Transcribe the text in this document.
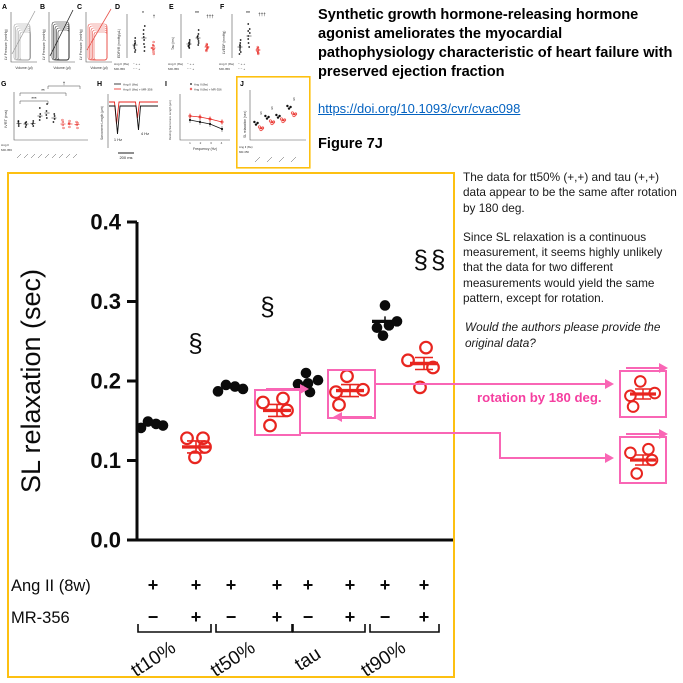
A
LV Pressure (mmHg)
Volume (µl)
B
LV Pressure (mmHg)
Volume (µl)
C
LV Pressure (mmHg)
Volume (µl)
D
EDPVR (mmHg/µL)
* †
Ang II (8w) − + +
MR-356	− − +
E
Tau (ms)
** †††
Ang II (8w) − + +
MR-356	− − +
F
LVEDP (mmHg)
** †††
Ang II (8w) − + +
MR-356	− − +
G
IVRT (ms)
***
**
†
Ang II
MR-356
H	Ang II (8w)
Ang II (8w) + MR-356
Sarcomere Length (µm) 1 Hz
4 Hz
200 ms
I	Ang II (8w)
Ang II (8w) + MR-356
Resting Sarcomere Length (µm)
1	2	3	4
Frequency (Hz)
J
SL relaxation (sec)	§
§
§
Ang II (8w)
MR-356
Synthetic growth hormone-releasing hormone agonist ameliorates the myocardial pathophysiology characteristic of heart failure with preserved ejection fraction
https://doi.org/10.1093/cvr/cvac098
Figure 7J

The data for tt50% (+,+) and tau (+,+) data appear to be the same after rotation by 180 deg.

Since SL relaxation is a continuous measurement, it seems highly unlikely that the data for two different measurements would yield the same pattern, except for rotation.

Would the authors please provide the original data?

0.0
0.1
0.2
0.3
0.4
SL relaxation (sec)	§
§
§§
Ang II (8w)	+ + + + + + + +
MR-356	− + − + − + − +
tt10% tt50% tau tt90%
rotation by 180 deg.
